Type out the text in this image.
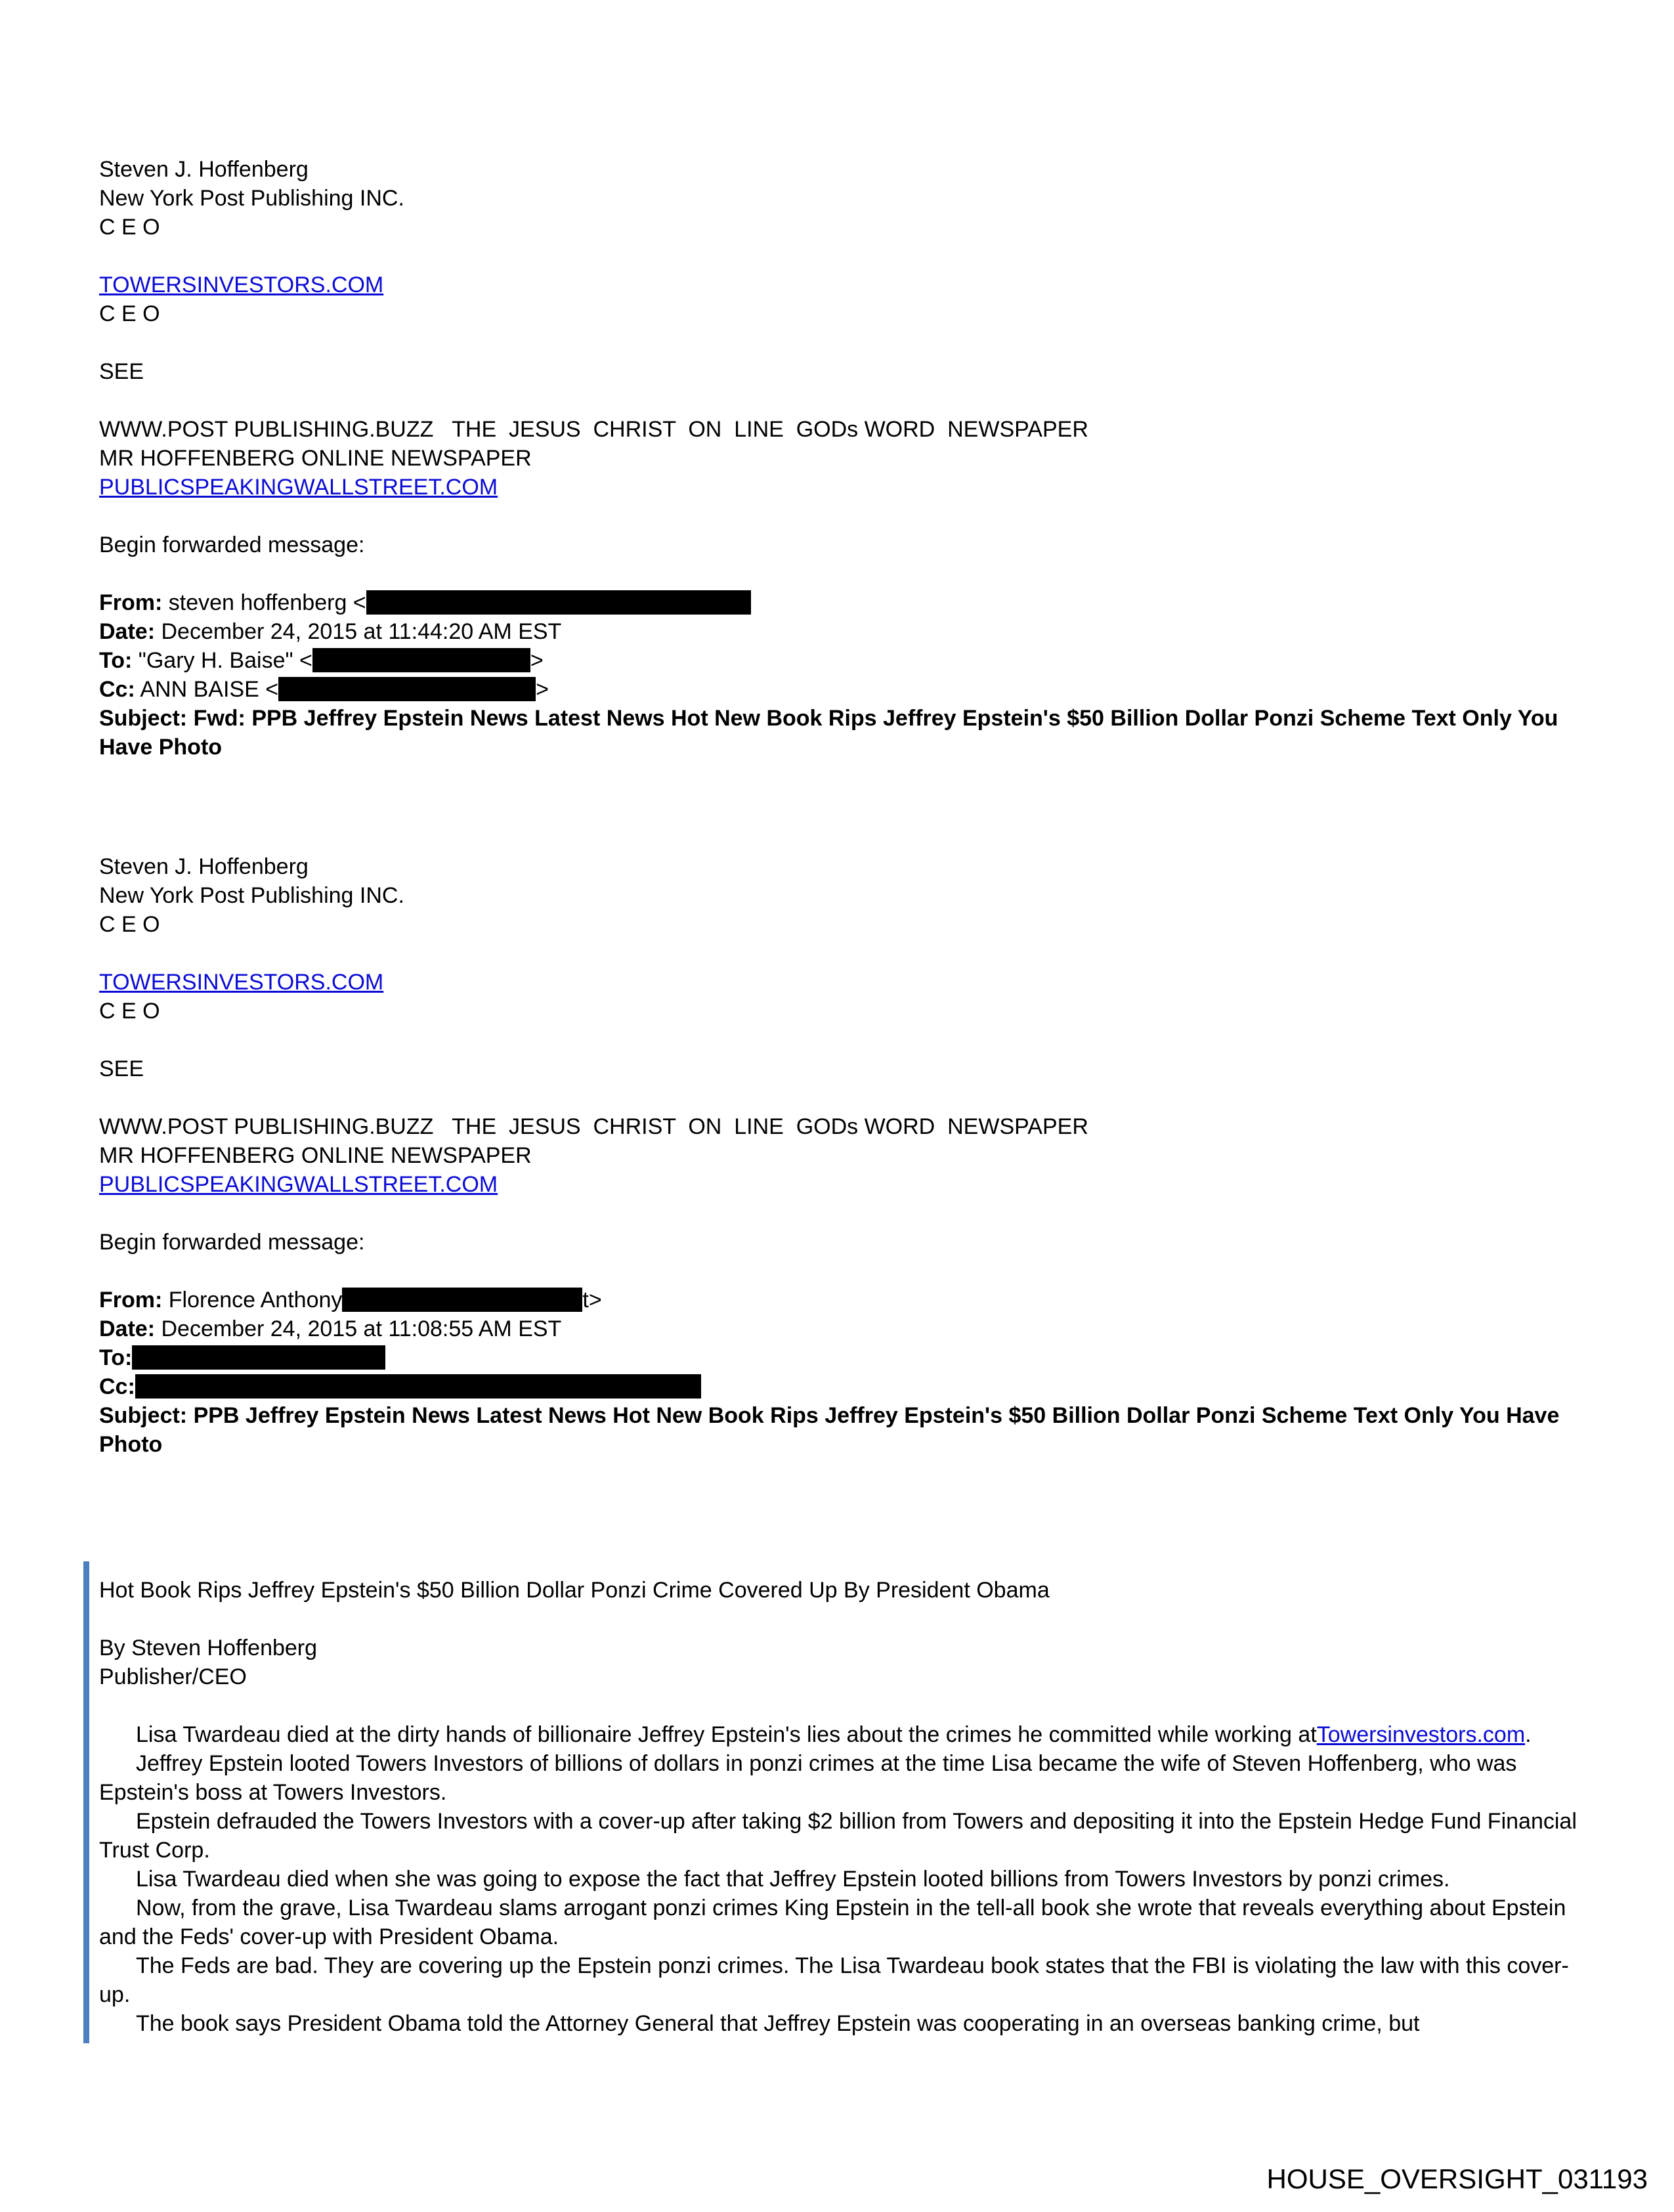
Steven J. Hoffenberg
New York Post Publishing INC.
C E O
TOWERSINVESTORS.COM
C E O
SEE
WWW.POST PUBLISHING.BUZZ   THE  JESUS  CHRIST  ON  LINE  GODs WORD  NEWSPAPER
MR HOFFENBERG ONLINE NEWSPAPER
PUBLICSPEAKINGWALLSTREET.COM
Begin forwarded message:
From: steven hoffenberg <
Date: December 24, 2015 at 11:44:20 AM EST
To: "Gary H. Baise" <	>
Cc: ANN BAISE <	>
Subject: Fwd: PPB Jeffrey Epstein News Latest News Hot New Book Rips Jeffrey Epstein's $50 Billion Dollar Ponzi Scheme Text Only You Have Photo
Steven J. Hoffenberg
New York Post Publishing INC.
C E O
TOWERSINVESTORS.COM
C E O
SEE
WWW.POST PUBLISHING.BUZZ   THE  JESUS  CHRIST  ON  LINE  GODs WORD  NEWSPAPER
MR HOFFENBERG ONLINE NEWSPAPER
PUBLICSPEAKINGWALLSTREET.COM
Begin forwarded message:
From: Florence Anthony	t>
Date: December 24, 2015 at 11:08:55 AM EST
To:
Cc:
Subject: PPB Jeffrey Epstein News Latest News Hot New Book Rips Jeffrey Epstein's $50 Billion Dollar Ponzi Scheme Text Only You Have Photo
Hot Book Rips Jeffrey Epstein's $50 Billion Dollar Ponzi Crime Covered Up By President Obama
By Steven Hoffenberg
Publisher/CEO
Lisa Twardeau died at the dirty hands of billionaire Jeffrey Epstein's lies about the crimes he committed while working atTowersinvestors.com.
Jeffrey Epstein looted Towers Investors of billions of dollars in ponzi crimes at the time Lisa became the wife of Steven Hoffenberg, who was Epstein's boss at Towers Investors.
Epstein defrauded the Towers Investors with a cover-up after taking $2 billion from Towers and depositing it into the Epstein Hedge Fund Financial Trust Corp.
Lisa Twardeau died when she was going to expose the fact that Jeffrey Epstein looted billions from Towers Investors by ponzi crimes.
Now, from the grave, Lisa Twardeau slams arrogant ponzi crimes King Epstein in the tell-all book she wrote that reveals everything about Epstein and the Feds' cover-up with President Obama.
The Feds are bad. They are covering up the Epstein ponzi crimes. The Lisa Twardeau book states that the FBI is violating the law with this cover-up.
The book says President Obama told the Attorney General that Jeffrey Epstein was cooperating in an overseas banking crime, but
HOUSE_OVERSIGHT_031193
